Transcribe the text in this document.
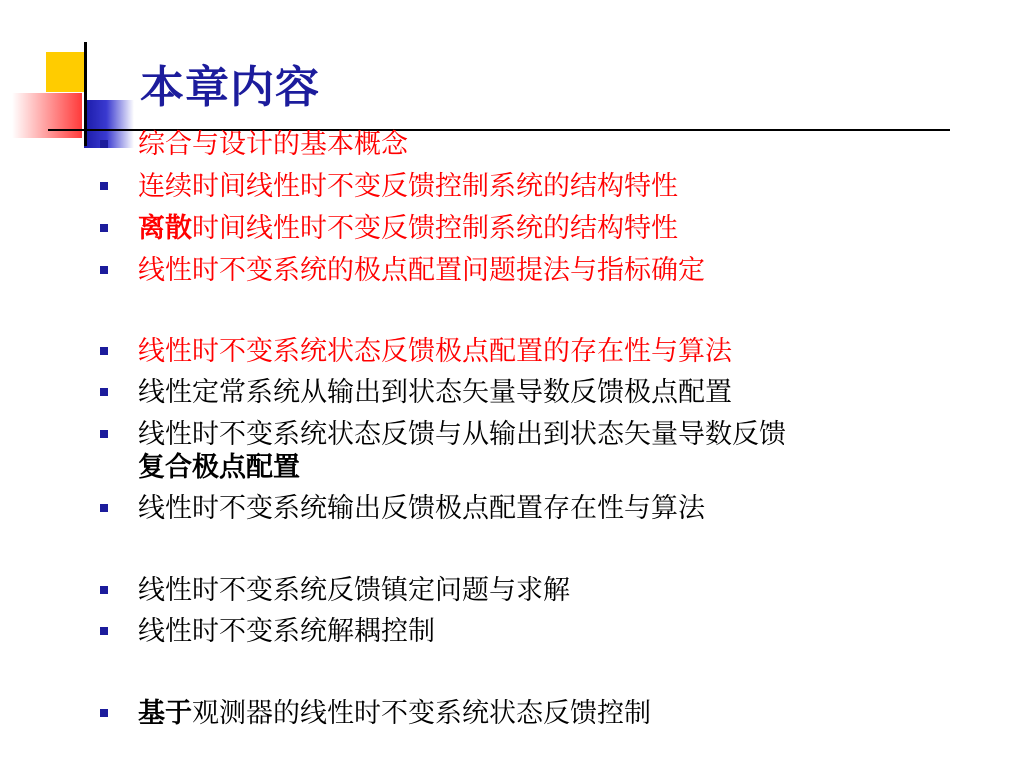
本章内容
综合与设计的基本概念
连续时间线性时不变反馈控制系统的结构特性
离散时间线性时不变反馈控制系统的结构特性
线性时不变系统的极点配置问题提法与指标确定
线性时不变系统状态反馈极点配置的存在性与算法
线性定常系统从输出到状态矢量导数反馈极点配置
线性时不变系统状态反馈与从输出到状态矢量导数反馈
复合极点配置
线性时不变系统输出反馈极点配置存在性与算法
线性时不变系统反馈镇定问题与求解
线性时不变系统解耦控制
基于观测器的线性时不变系统状态反馈控制
